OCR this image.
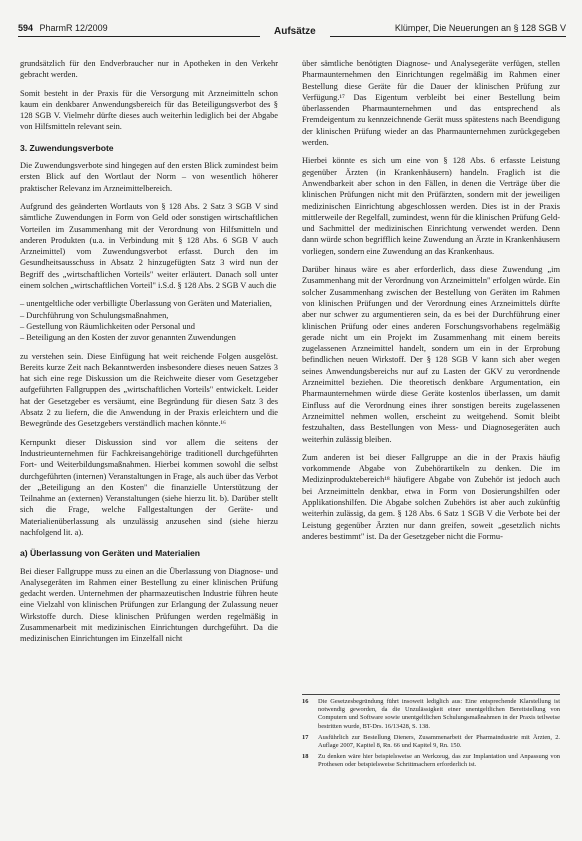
594 PharmR 12/2009	Aufsätze	Klümper, Die Neuerungen an § 128 SGB V

grundsätzlich für den Endverbraucher nur in Apotheken in den Verkehr gebracht werden.

Somit besteht in der Praxis für die Versorgung mit Arzneimitteln schon kaum ein denkbarer Anwendungsbereich für das Beteiligungsverbot des § 128 SGB V. Vielmehr dürfte dieses auch weiterhin lediglich bei der Abgabe von Hilfsmitteln relevant sein.

3. Zuwendungsverbote

Die Zuwendungsverbote sind hingegen auf den ersten Blick zumindest beim ersten Blick auf den Wortlaut der Norm – von wesentlich höherer praktischer Relevanz im Arzneimittelbereich.

Aufgrund des geänderten Wortlauts von § 128 Abs. 2 Satz 3 SGB V sind sämtliche Zuwendungen in Form von Geld oder sonstigen wirtschaftlichen Vorteilen im Zusammenhang mit der Verordnung von Hilfsmitteln und anderen Produkten (u.a. in Verbindung mit § 128 Abs. 6 SGB V auch Arzneimittel) vom Zuwendungsverbot erfasst. Durch den im Gesundheitsausschuss in Absatz 2 hinzugefügten Satz 3 wird nun der Begriff des „wirtschaftlichen Vorteils" weiter erläutert. Danach soll unter einem solchen „wirtschaftlichen Vorteil" i.S.d. § 128 Abs. 2 SGB V auch die

– unentgeltliche oder verbilligte Überlassung von Geräten und Materialien,
– Durchführung von Schulungsmaßnahmen,
– Gestellung von Räumlichkeiten oder Personal und
– Beteiligung an den Kosten der zuvor genannten Zuwendungen

zu verstehen sein. Diese Einfügung hat weit reichende Folgen ausgelöst. Bereits kurze Zeit nach Bekanntwerden insbesondere dieses neuen Satzes 3 hat sich eine rege Diskussion um die Reichweite dieser vom Gesetzgeber aufgeführten Fallgruppen des „wirtschaftlichen Vorteils" entwickelt. Leider hat der Gesetzgeber es versäumt, eine Begründung für diesen Satz 3 des Absatz 2 zu liefern, die die Anwendung in der Praxis erleichtern und die Bewegründe des Gesetzgebers verständlich machen könnte.¹⁶

Kernpunkt dieser Diskussion sind vor allem die seitens der Industrieunternehmen für Fachkreisangehörige traditionell durchgeführten Fort- und Weiterbildungsmaßnahmen. Hierbei kommen sowohl die selbst durchgeführten (internen) Veranstaltungen in Frage, als auch über das Verbot der „Beteiligung an den Kosten" die finanzielle Unterstützung der Teilnahme an (externen) Veranstaltungen (siehe hierzu lit. b). Darüber stellt sich die Frage, welche Fallgestaltungen der Geräte- und Materialienüberlassung als unzulässig anzusehen sind (siehe hierzu nachfolgend lit. a).

a) Überlassung von Geräten und Materialien

Bei dieser Fallgruppe muss zu einen an die Überlassung von Diagnose- und Analysegeräten im Rahmen einer Bestellung zu einer klinischen Prüfung gedacht werden. Unternehmen der pharmazeutischen Industrie führen heute eine Vielzahl von klinischen Prüfungen zur Erlangung der Zulassung neuer Wirkstoffe durch. Diese klinischen Prüfungen werden regelmäßig in Zusammenarbeit mit medizinischen Einrichtungen durchgeführt. Da die medizinischen Einrichtungen im Einzelfall nicht

über sämtliche benötigten Diagnose- und Analysegeräte verfügen, stellen Pharmaunternehmen den Einrichtungen regelmäßig im Rahmen einer Bestellung diese Geräte für die Dauer der klinischen Prüfung zur Verfügung.¹⁷ Das Eigentum verbleibt bei einer Bestellung beim überlassenden Pharmaunternehmen und das entsprechend als Fremdeigentum zu kennzeichnende Gerät muss spätestens nach Beendigung der klinischen Prüfung wieder an das Pharmaunternehmen zurückgegeben werden.

Hierbei könnte es sich um eine von § 128 Abs. 6 erfasste Leistung gegenüber Ärzten (in Krankenhäusern) handeln. Fraglich ist die Anwendbarkeit aber schon in den Fällen, in denen die Verträge über die klinischen Prüfungen nicht mit den Prüfärzten, sondern mit der jeweiligen medizinischen Einrichtung abgeschlossen werden. Dies ist in der Praxis mittlerweile der Regelfall, zumindest, wenn für die klinischen Prüfung Geld- und Sachmittel der medizinischen Einrichtung verwendet werden. Denn dann würde schon begrifflich keine Zuwendung an Ärzte in Krankenhäusern vorliegen, sondern eine Zuwendung an das Krankenhaus.

Darüber hinaus wäre es aber erforderlich, dass diese Zuwendung „im Zusammenhang mit der Verordnung von Arzneimitteln" erfolgen würde. Ein solcher Zusammenhang zwischen der Bestellung von Geräten im Rahmen von klinischen Prüfungen und der Verordnung eines Arzneimittels dürfte aber nur schwer zu argumentieren sein, da es bei der Durchführung einer klinischen Prüfung oder eines anderen Forschungsvorhabens regelmäßig gerade nicht um ein Projekt im Zusammenhang mit einem bereits zugelassenen Arzneimittel handelt, sondern um ein in der Erprobung befindlichen neuen Wirkstoff. Der § 128 SGB V kann sich aber wegen seines Anwendungsbereichs nur auf zu Lasten der GKV zu verordnende Arzneimittel beziehen. Die theoretisch denkbare Argumentation, ein Pharmaunternehmen würde diese Geräte kostenlos überlassen, um damit Einfluss auf die Verordnung eines ihrer sonstigen bereits zugelassenen Arzneimittel nehmen wollen, erscheint zu weitgehend. Somit bleibt festzuhalten, dass Bestellungen von Mess- und Diagnosegeräten auch weiterhin zulässig bleiben.

Zum anderen ist bei dieser Fallgruppe an die in der Praxis häufig vorkommende Abgabe von Zubehörartikeln zu denken. Die im Medizinproduktebereich¹⁸ häufigere Abgabe von Zubehör ist jedoch auch bei Arzneimitteln denkbar, etwa in Form von Dosierungshilfen oder Applikationshilfen. Die Abgabe solchen Zubehörs ist aber auch zukünftig weiterhin zulässig, da gem. § 128 Abs. 6 Satz 1 SGB V die Verbote bei der Leistung gegenüber Ärzten nur dann greifen, soweit „gesetzlich nichts anderes bestimmt" ist. Da der Gesetzgeber nicht die Formu-

16	Die Gesetzesbegründung führt insoweit lediglich aus: Eine entsprechende Klarstellung ist notwendig geworden, da die Unzulässigkeit einer unentgeltlichen Bereitstellung von Computern und Software sowie unentgeltlichen Schulungsmaßnahmen in der Praxis teilweise bestritten wurde, BT-Drs. 16/13428, S. 138.
17	Ausführlich zur Bestellung Dieners, Zusammenarbeit der Pharmaindustrie mit Ärzten, 2. Auflage 2007, Kapitel 8, Rn. 66 und Kapitel 9, Rn. 150.
18	Zu denken wäre hier beispielsweise an Werkzeug, das zur Implantation und Anpassung von Prothesen oder beispielsweise Schrittmachern erforderlich ist.
